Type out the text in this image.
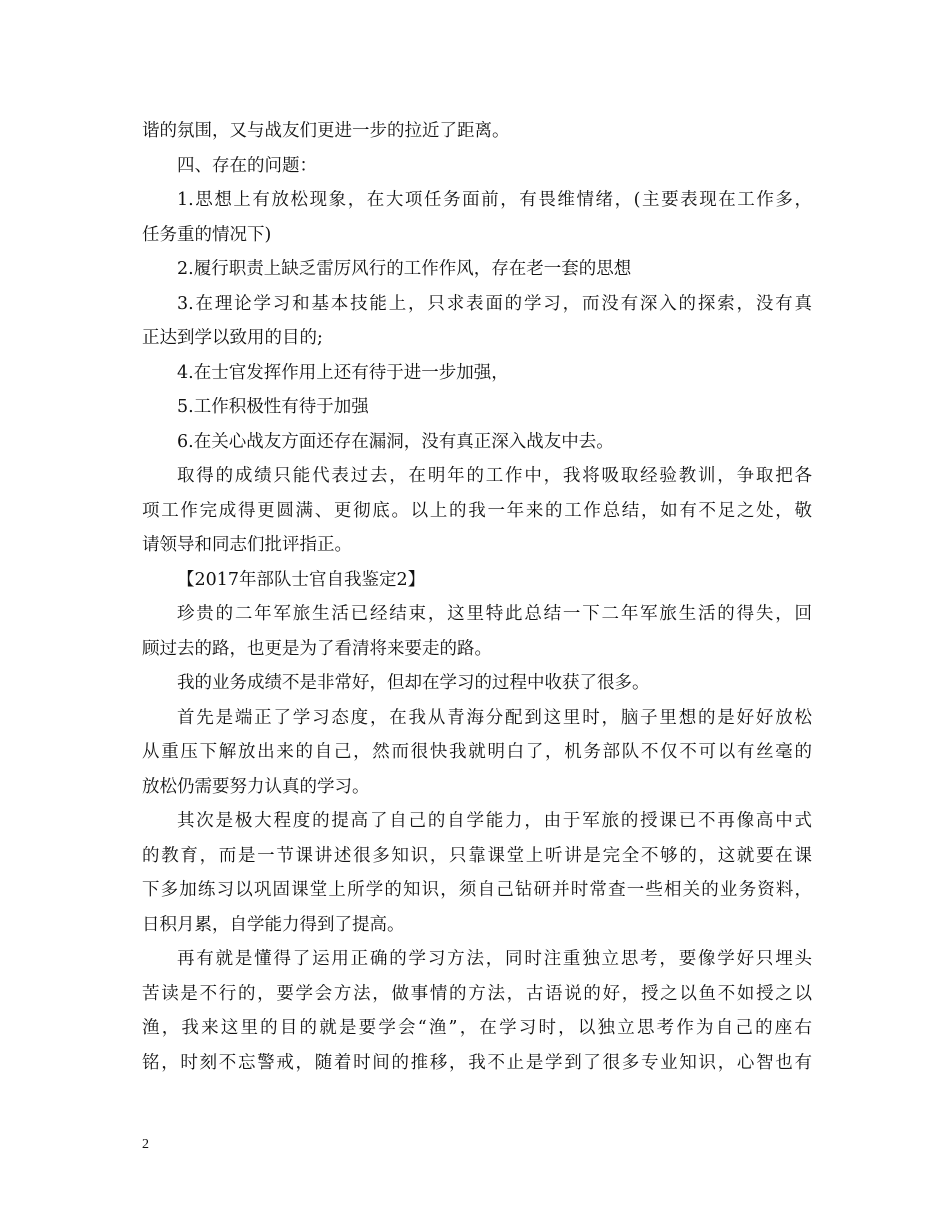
谐的氛围，又与战友们更进一步的拉近了距离。
四、存在的问题：
1.思想上有放松现象，在大项任务面前，有畏维情绪，(主要表现在工作多，
任务重的情况下)
2.履行职责上缺乏雷厉风行的工作作风，存在老一套的思想
3.在理论学习和基本技能上，只求表面的学习，而没有深入的探索，没有真
正达到学以致用的目的;
4.在士官发挥作用上还有待于进一步加强，
5.工作积极性有待于加强
6.在关心战友方面还存在漏洞，没有真正深入战友中去。
取得的成绩只能代表过去，在明年的工作中，我将吸取经验教训，争取把各
项工作完成得更圆满、更彻底。以上的我一年来的工作总结，如有不足之处，敬
请领导和同志们批评指正。
【2017年部队士官自我鉴定2】
珍贵的二年军旅生活已经结束，这里特此总结一下二年军旅生活的得失，回
顾过去的路，也更是为了看清将来要走的路。
我的业务成绩不是非常好，但却在学习的过程中收获了很多。
首先是端正了学习态度，在我从青海分配到这里时，脑子里想的是好好放松
从重压下解放出来的自己，然而很快我就明白了，机务部队不仅不可以有丝毫的
放松仍需要努力认真的学习。
其次是极大程度的提高了自己的自学能力，由于军旅的授课已不再像高中式
的教育，而是一节课讲述很多知识，只靠课堂上听讲是完全不够的，这就要在课
下多加练习以巩固课堂上所学的知识，须自己钻研并时常查一些相关的业务资料，
日积月累，自学能力得到了提高。
再有就是懂得了运用正确的学习方法，同时注重独立思考，要像学好只埋头
苦读是不行的，要学会方法，做事情的方法，古语说的好，授之以鱼不如授之以
渔，我来这里的目的就是要学会“渔”，在学习时，以独立思考作为自己的座右
铭，时刻不忘警戒，随着时间的推移，我不止是学到了很多专业知识，心智也有
2
